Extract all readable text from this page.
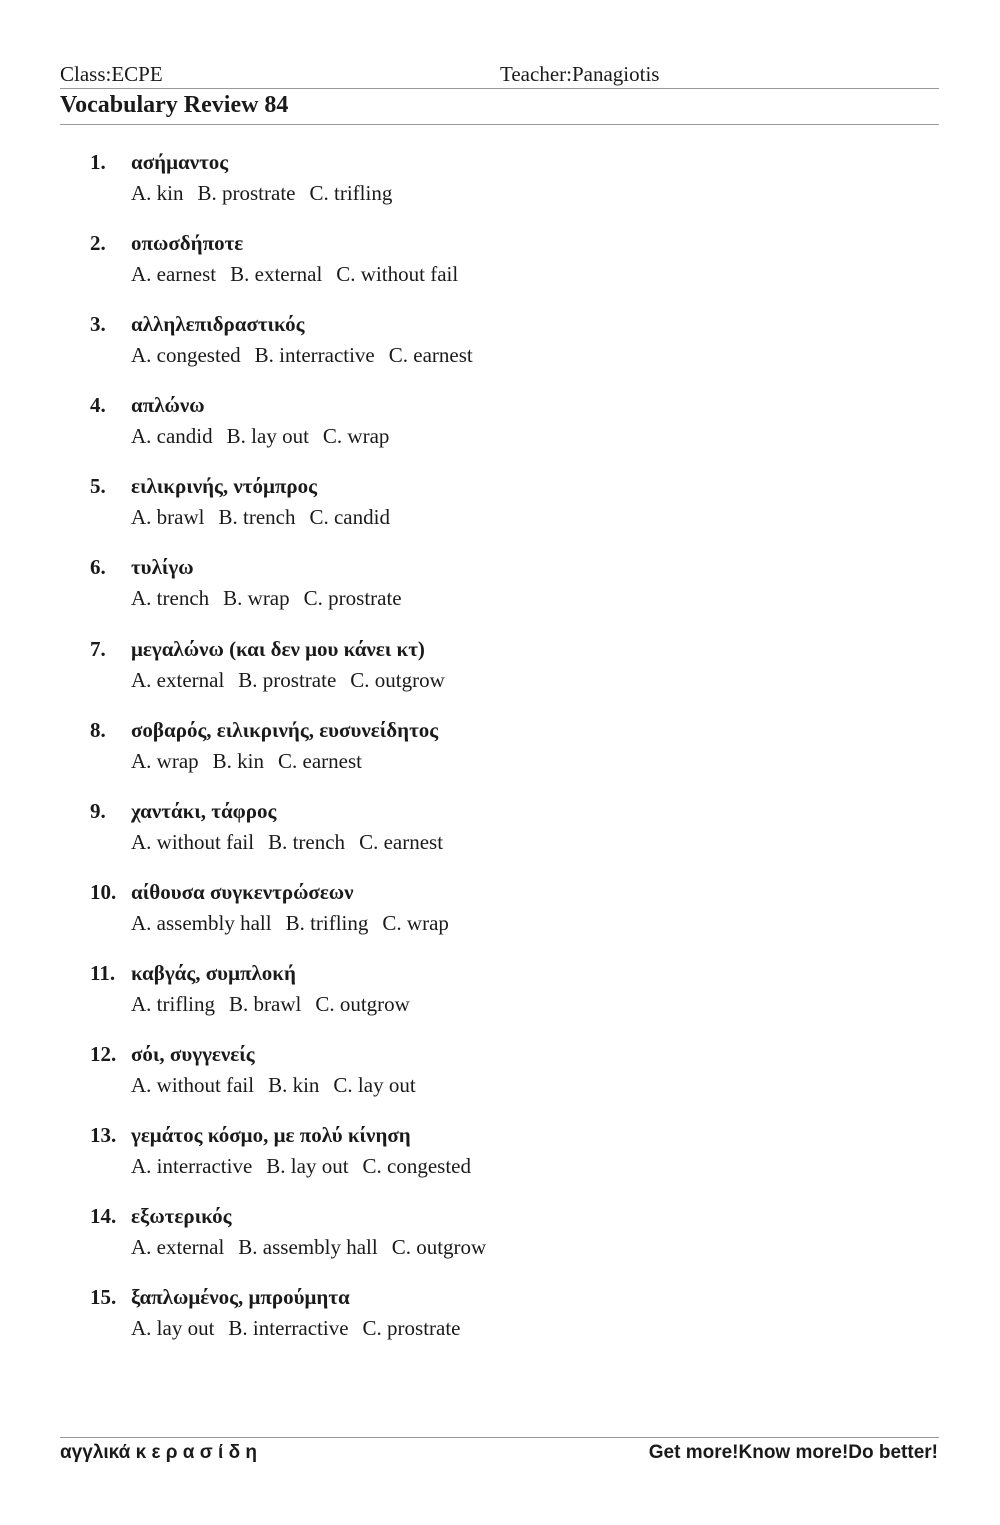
Class:ECPE	Teacher:Panagiotis
Vocabulary Review 84
1. ασήμαντος
A. kin B. prostrate C. trifling
2. οπωσδήποτε
A. earnest B. external C. without fail
3. αλληλεπιδραστικός
A. congested B. interractive C. earnest
4. απλώνω
A. candid B. lay out C. wrap
5. ειλικρινής, ντόμπρος
A. brawl B. trench C. candid
6. τυλίγω
A. trench B. wrap C. prostrate
7. μεγαλώνω (και δεν μου κάνει κτ)
A. external B. prostrate C. outgrow
8. σοβαρός, ειλικρινής, ευσυνείδητος
A. wrap B. kin C. earnest
9. χαντάκι, τάφρος
A. without fail B. trench C. earnest
10. αίθουσα συγκεντρώσεων
A. assembly hall B. trifling C. wrap
11. καβγάς, συμπλοκή
A. trifling B. brawl C. outgrow
12. σόι, συγγενείς
A. without fail B. kin C. lay out
13. γεμάτος κόσμο, με πολύ κίνηση
A. interractive B. lay out C. congested
14. εξωτερικός
A. external B. assembly hall C. outgrow
15. ξαπλωμένος, μπρούμητα
A. lay out B. interractive C. prostrate
αγγλικά κ ε ρ α σ ί δ η	Get more!Know more!Do better!
